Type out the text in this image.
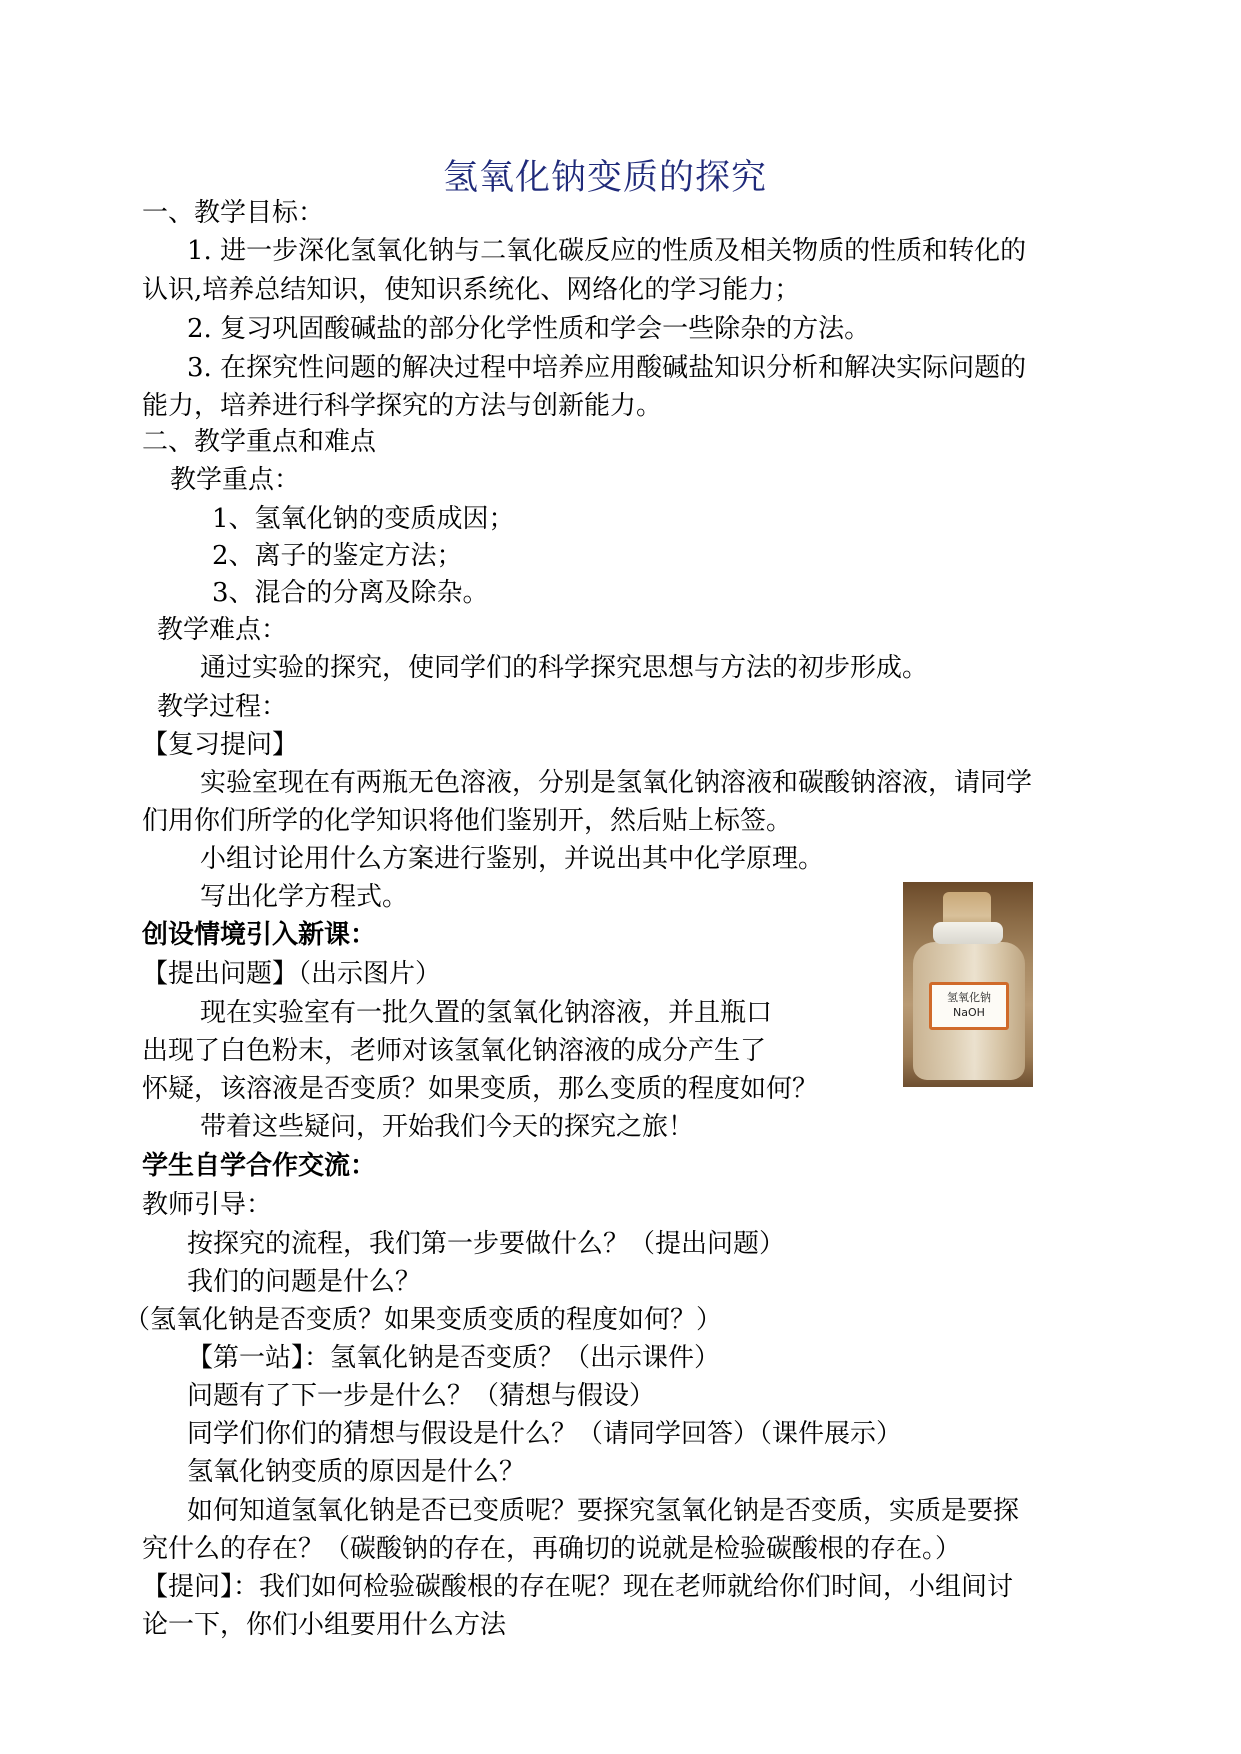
氢氧化钠变质的探究
一、教学目标：
1. 进一步深化氢氧化钠与二氧化碳反应的性质及相关物质的性质和转化的
认识,培养总结知识，使知识系统化、网络化的学习能力；
2. 复习巩固酸碱盐的部分化学性质和学会一些除杂的方法。
3. 在探究性问题的解决过程中培养应用酸碱盐知识分析和解决实际问题的
能力，培养进行科学探究的方法与创新能力。
二、教学重点和难点
教学重点：
1、氢氧化钠的变质成因；
2、离子的鉴定方法；
3、混合的分离及除杂。
教学难点：
通过实验的探究，使同学们的科学探究思想与方法的初步形成。
教学过程：
【复习提问】
实验室现在有两瓶无色溶液，分别是氢氧化钠溶液和碳酸钠溶液，请同学
们用你们所学的化学知识将他们鉴别开，然后贴上标签。
小组讨论用什么方案进行鉴别，并说出其中化学原理。
写出化学方程式。
创设情境引入新课：
【提出问题】（出示图片）
现在实验室有一批久置的氢氧化钠溶液，并且瓶口
出现了白色粉末，老师对该氢氧化钠溶液的成分产生了
怀疑，该溶液是否变质？如果变质，那么变质的程度如何？
带着这些疑问，开始我们今天的探究之旅！
学生自学合作交流：
教师引导：
按探究的流程，我们第一步要做什么？（提出问题）
我们的问题是什么？
（氢氧化钠是否变质？如果变质变质的程度如何？）
【第一站】：氢氧化钠是否变质？（出示课件）
问题有了下一步是什么？（猜想与假设）
同学们你们的猜想与假设是什么？（请同学回答）（课件展示）
氢氧化钠变质的原因是什么？
如何知道氢氧化钠是否已变质呢？要探究氢氧化钠是否变质，实质是要探
究什么的存在？（碳酸钠的存在，再确切的说就是检验碳酸根的存在。）
【提问】：我们如何检验碳酸根的存在呢？现在老师就给你们时间，小组间讨
论一下，你们小组要用什么方法
氢氧化钠
NaOH
